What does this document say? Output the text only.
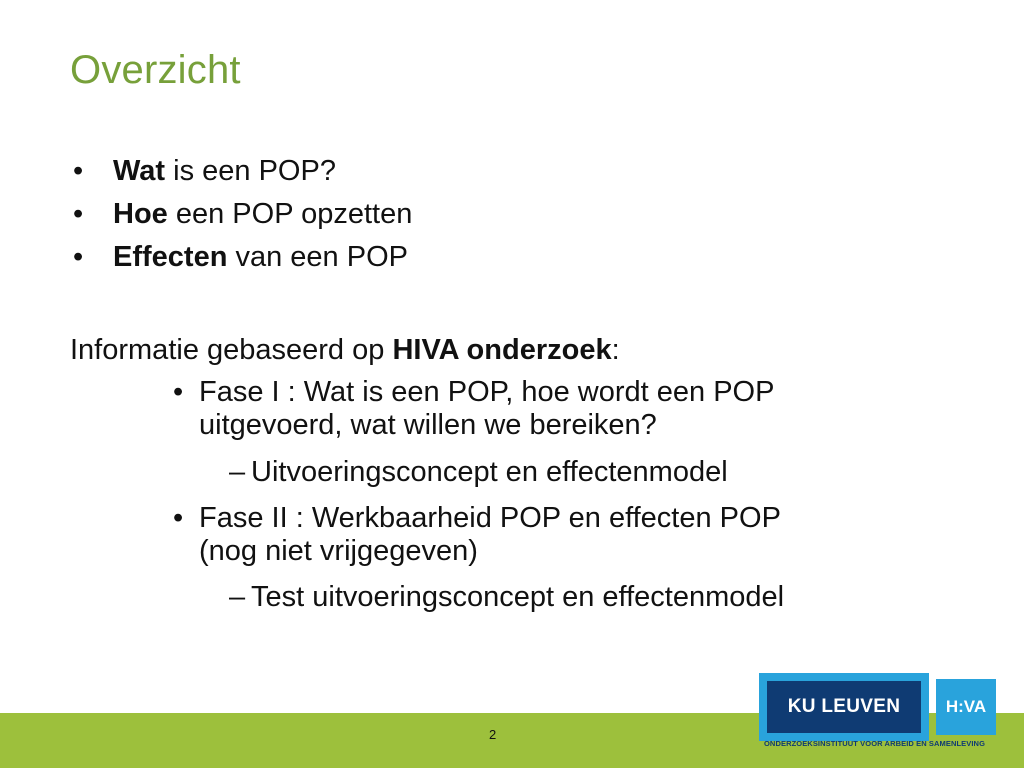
Overzicht
•	Wat is een POP?
•	Hoe een POP opzetten
•	Effecten van een POP
Informatie gebaseerd op HIVA onderzoek:
• Fase I : Wat is een POP, hoe wordt een POP
uitgevoerd, wat willen we bereiken?
– Uitvoeringsconcept en effectenmodel
• Fase II : Werkbaarheid POP en effecten POP
(nog niet vrijgegeven)
– Test uitvoeringsconcept en effectenmodel
2
KU LEUVEN	H:VA
ONDERZOEKSINSTITUUT VOOR ARBEID EN SAMENLEVING
